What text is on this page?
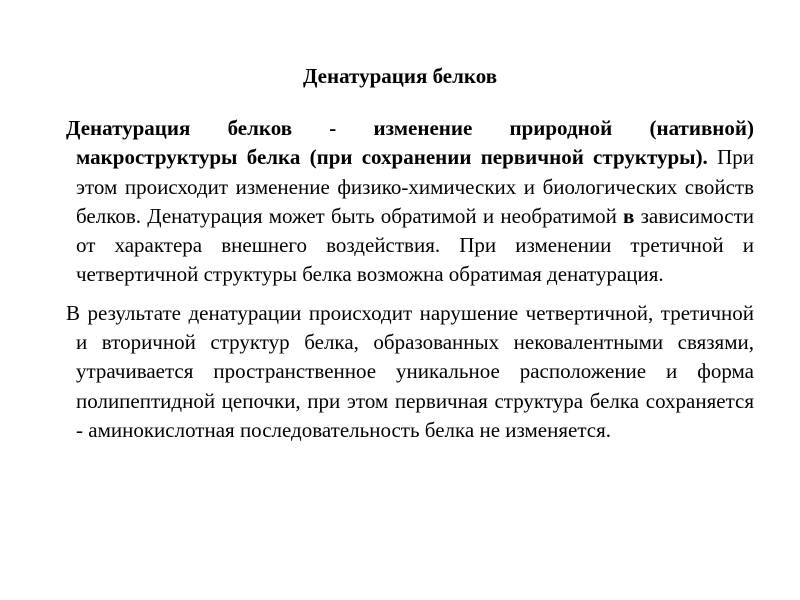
Денатурация белков

Денатурация белков - изменение природной (нативной) макроструктуры белка (при сохранении первичной структуры). При этом происходит изменение физико-химических и биологических свойств белков. Денатурация может быть обратимой и необратимой в зависимости от характера внешнего воздействия. При изменении третичной и четвертичной структуры белка возможна обратимая денатурация.

В результате денатурации происходит нарушение четвертичной, третичной и вторичной структур белка, образованных нековалентными связями, утрачивается пространственное уникальное расположение и форма полипептидной цепочки, при этом первичная структура белка сохраняется - аминокислотная последовательность белка не изменяется.
